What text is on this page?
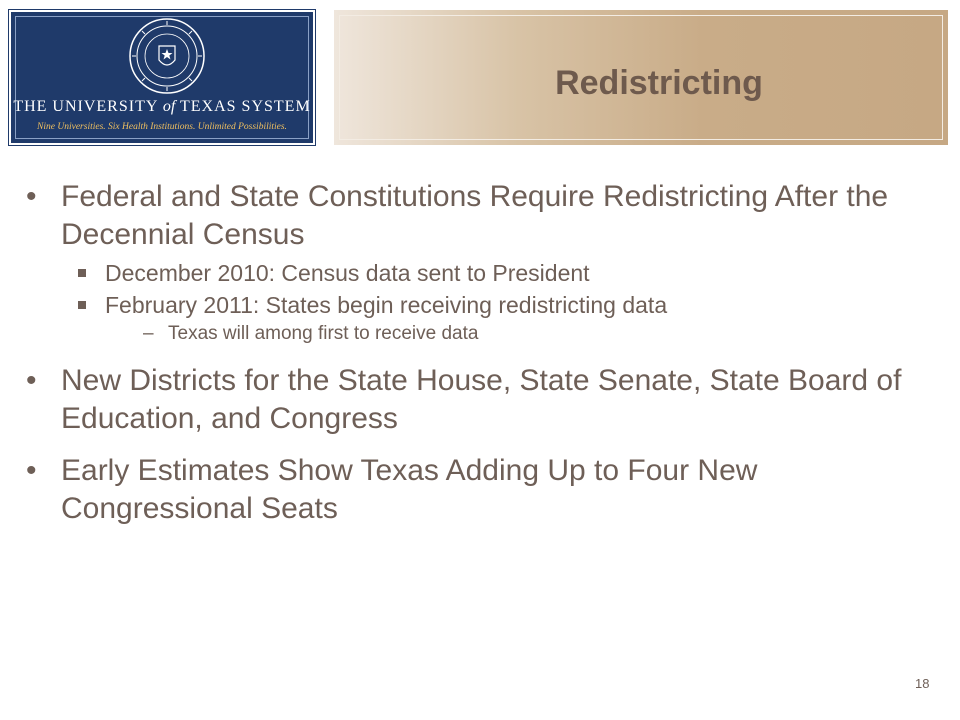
THE UNIVERSITY of TEXAS SYSTEM
Nine Universities. Six Health Institutions. Unlimited Possibilities.
Redistricting
• Federal and State Constitutions Require Redistricting After the Decennial Census
December 2010: Census data sent to President
February 2011: States begin receiving redistricting data
– Texas will among first to receive data
• New Districts for the State House, State Senate, State Board of Education, and Congress
• Early Estimates Show Texas Adding Up to Four New Congressional Seats
18
